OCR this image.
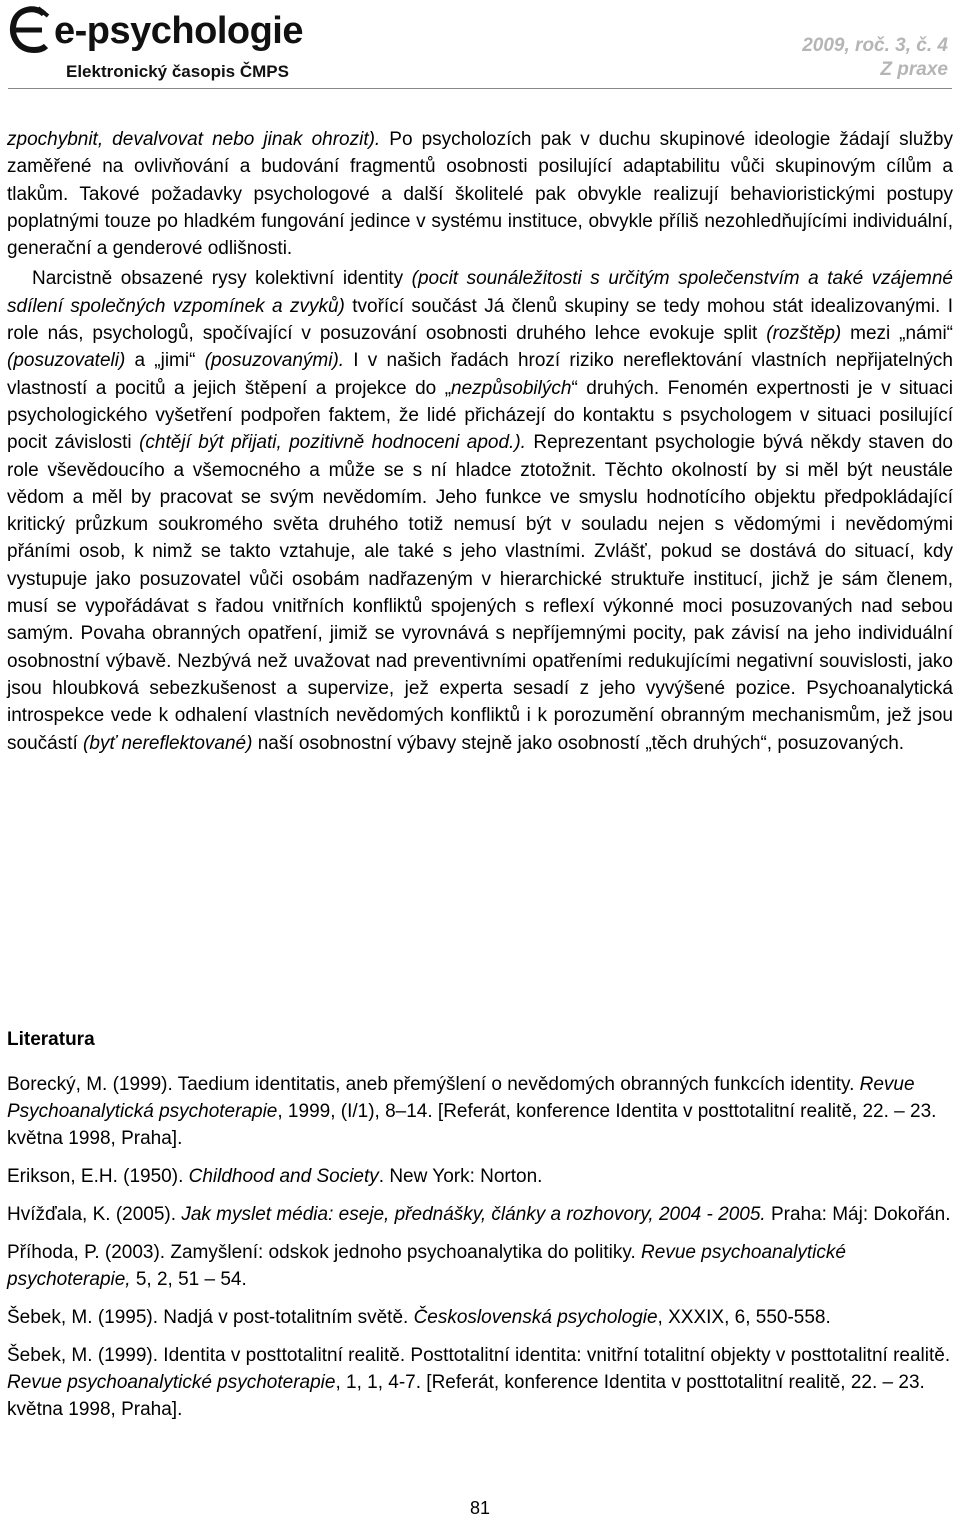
e-psychologie
Elektronický časopis ČMPS
2009, roč. 3, č. 4
Z praxe

zpochybnit, devalvovat nebo jinak ohrozit). Po psycholozích pak v duchu skupinové ideologie žádají služby zaměřené na ovlivňování a budování fragmentů osobnosti posilující adaptabilitu vůči skupinovým cílům a tlakům. Takové požadavky psychologové a další školitelé pak obvykle realizují behavioristickými postupy poplatnými touze po hladkém fungování jedince v systému instituce, obvykle příliš nezohledňujícími individuální, generační a genderové odlišnosti.

Narcistně obsazené rysy kolektivní identity (pocit sounáležitosti s určitým společenstvím a také vzájemné sdílení společných vzpomínek a zvyků) tvořící součást Já členů skupiny se tedy mohou stát idealizovanými. I role nás, psychologů, spočívající v posuzování osobnosti druhého lehce evokuje split (rozštěp) mezi „námi“ (posuzovateli) a „jimi“ (posuzovanými). I v našich řadách hrozí riziko nereflektování vlastních nepřijatelných vlastností a pocitů a jejich štěpení a projekce do „nezpůsobilých“ druhých. Fenomén expertnosti je v situaci psychologického vyšetření podpořen faktem, že lidé přicházejí do kontaktu s psychologem v situaci posilující pocit závislosti (chtějí být přijati, pozitivně hodnoceni apod.). Reprezentant psychologie bývá někdy staven do role vševědoucího a všemocného a může se s ní hladce ztotožnit. Těchto okolností by si měl být neustále vědom a měl by pracovat se svým nevědomím. Jeho funkce ve smyslu hodnotícího objektu předpokládající kritický průzkum soukromého světa druhého totiž nemusí být v souladu nejen s vědomými i nevědomými přáními osob, k nimž se takto vztahuje, ale také s jeho vlastními. Zvlášť, pokud se dostává do situací, kdy vystupuje jako posuzovatel vůči osobám nadřazeným v hierarchické struktuře institucí, jichž je sám členem, musí se vypořádávat s řadou vnitřních konfliktů spojených s reflexí výkonné moci posuzovaných nad sebou samým. Povaha obranných opatření, jimiž se vyrovnává s nepříjemnými pocity, pak závisí na jeho individuální osobnostní výbavě. Nezbývá než uvažovat nad preventivními opatřeními redukujícími negativní souvislosti, jako jsou hloubková sebezkušenost a supervize, jež experta sesadí z jeho vyvýšené pozice. Psychoanalytická introspekce vede k odhalení vlastních nevědomých konfliktů i k porozumění obranným mechanismům, jež jsou součástí (byť nereflektované) naší osobnostní výbavy stejně jako osobností „těch druhých“, posuzovaných.

Literatura

Borecký, M. (1999). Taedium identitatis, aneb přemýšlení o nevědomých obranných funkcích identity. Revue Psychoanalytická psychoterapie, 1999, (I/1), 8–14. [Referát, konference Identita v posttotalitní realitě, 22. – 23. května 1998, Praha].

Erikson, E.H. (1950). Childhood and Society. New York: Norton.

Hvížďala, K. (2005). Jak myslet média: eseje, přednášky, články a rozhovory, 2004 - 2005. Praha: Máj: Dokořán.

Příhoda, P. (2003). Zamyšlení: odskok jednoho psychoanalytika do politiky. Revue psychoanalytické psychoterapie, 5, 2, 51 – 54.

Šebek, M. (1995). Nadjá v post-totalitním světě. Československá psychologie, XXXIX, 6, 550-558.

Šebek, M. (1999). Identita v posttotalitní realitě. Posttotalitní identita: vnitřní totalitní objekty v posttotalitní realitě. Revue psychoanalytické psychoterapie, 1, 1, 4-7. [Referát, konference Identita v posttotalitní realitě, 22. – 23. května 1998, Praha].

81
